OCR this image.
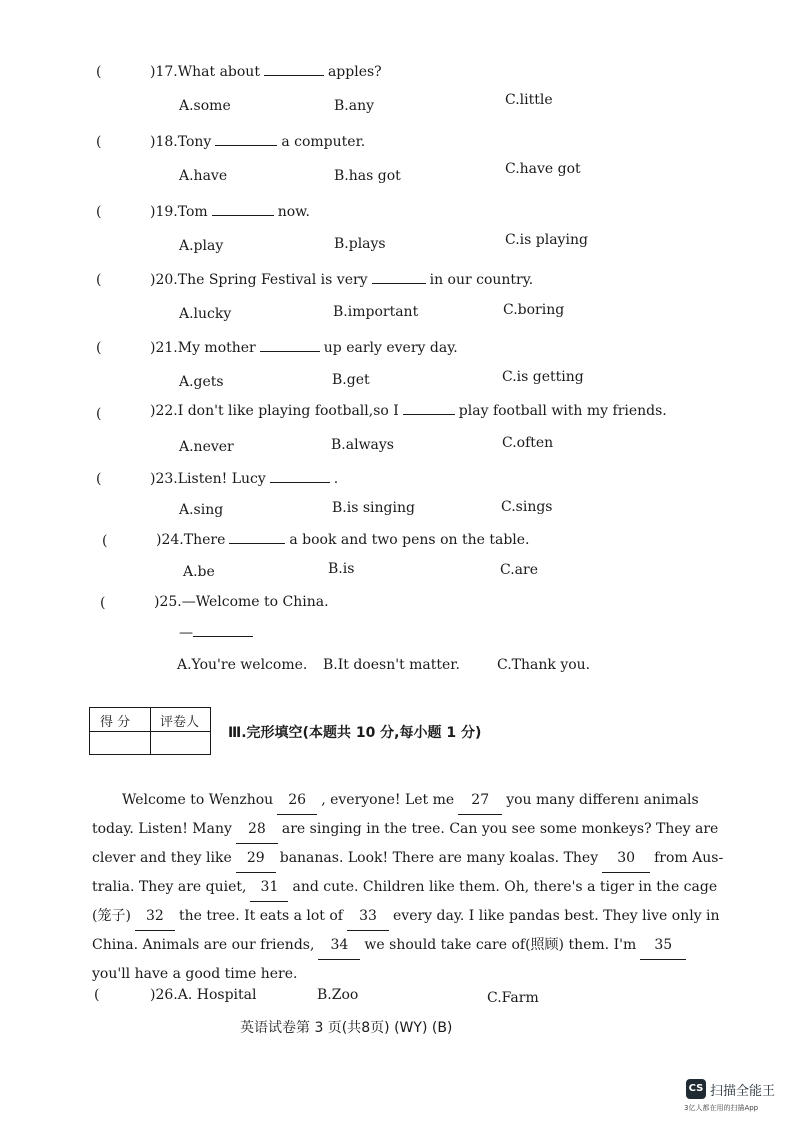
(	)17.What about	apples?
A.some	B.any	C.little
(	)18.Tony	a computer.
A.have	B.has got	C.have got
(	)19.Tom	now.
A.play	B.plays	C.is playing
(	)20.The Spring Festival is very	in our country.
A.lucky	B.important	C.boring
(	)21.My mother	up early every day.
A.gets	B.get	C.is getting
(	)22.I don't like playing football,so I	play football with my friends.
A.never	B.always	C.often
(	)23.Listen! Lucy	.
A.sing	B.is singing	C.sings
(	)24.There	a book and two pens on the table.
A.be	B.is	C.are
(	)25.—Welcome to China.
—
A.You're welcome. B.It doesn't matter.	C.Thank you.
得 分 评卷人
Ⅲ.完形填空(本题共 10 分,每小题 1 分)
Welcome to Wenzhou 26 , everyone! Let me 27 you many differenı animals
today. Listen! Many 28 are singing in the tree. Can you see some monkeys? They are
clever and they like 29 bananas. Look! There are many koalas. They 30 from Aus-
tralia. They are quiet, 31 and cute. Children like them. Oh, there's a tiger in the cage
(笼子) 32 the tree. It eats a lot of 33 every day. I like pandas best. They live only in
China. Animals are our friends, 34 we should take care of(照顾) them. I'm 35
you'll have a good time here.
(	)26.A. Hospital	B.Zoo	C.Farm
英语试卷第 3 页(共8页) (WY) (B)
CS 扫描全能王
3亿人都在用的扫描App
